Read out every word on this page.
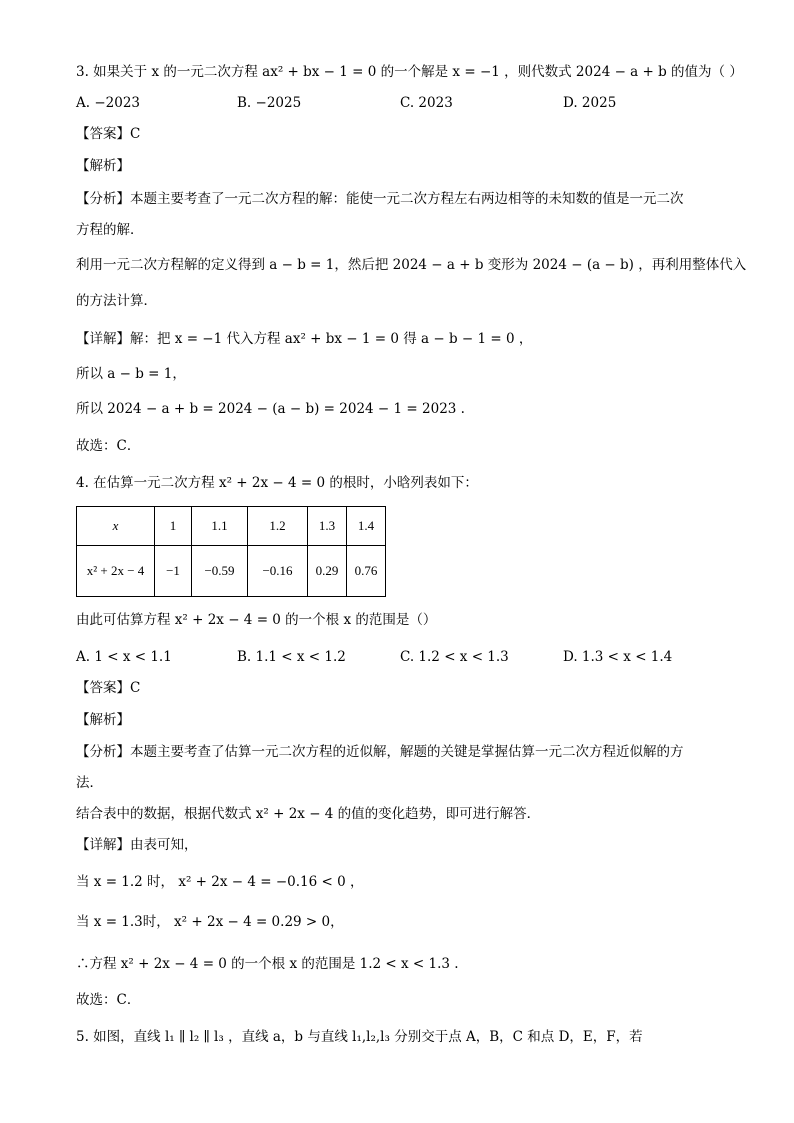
3. 如果关于 x 的一元二次方程 ax² + bx − 1 = 0 的一个解是 x = −1 ，则代数式 2024 − a + b 的值为（ ）
A. −2023	B. −2025	C. 2023	D. 2025
【答案】C
【解析】
【分析】本题主要考查了一元二次方程的解：能使一元二次方程左右两边相等的未知数的值是一元二次
方程的解．
利用一元二次方程解的定义得到 a − b = 1，然后把 2024 − a + b 变形为 2024 − (a − b) ，再利用整体代入
的方法计算．
【详解】解：把 x = −1 代入方程 ax² + bx − 1 = 0 得 a − b − 1 = 0 ，
所以 a − b = 1，
所以 2024 − a + b = 2024 − (a − b) = 2024 − 1 = 2023 .
故选：C．
4. 在估算一元二次方程 x² + 2x − 4 = 0 的根时，小晗列表如下：
x	1	1.1	1.2	1.3	1.4
x² + 2x − 4	−1	−0.59	−0.16	0.29	0.76
由此可估算方程 x² + 2x − 4 = 0 的一个根 x 的范围是（）
A. 1 < x < 1.1	B. 1.1 < x < 1.2	C. 1.2 < x < 1.3	D. 1.3 < x < 1.4
【答案】C
【解析】
【分析】本题主要考查了估算一元二次方程的近似解，解题的关键是掌握估算一元二次方程近似解的方
法．
结合表中的数据，根据代数式 x² + 2x − 4 的值的变化趋势，即可进行解答．
【详解】由表可知，
当 x = 1.2 时， x² + 2x − 4 = −0.16 < 0 ，
当 x = 1.3时， x² + 2x − 4 = 0.29 > 0，
∴方程 x² + 2x − 4 = 0 的一个根 x 的范围是 1.2 < x < 1.3 .
故选：C．
5. 如图，直线 l₁ ∥ l₂ ∥ l₃ ，直线 a，b 与直线 l₁,l₂,l₃ 分别交于点 A，B，C 和点 D，E，F，若
